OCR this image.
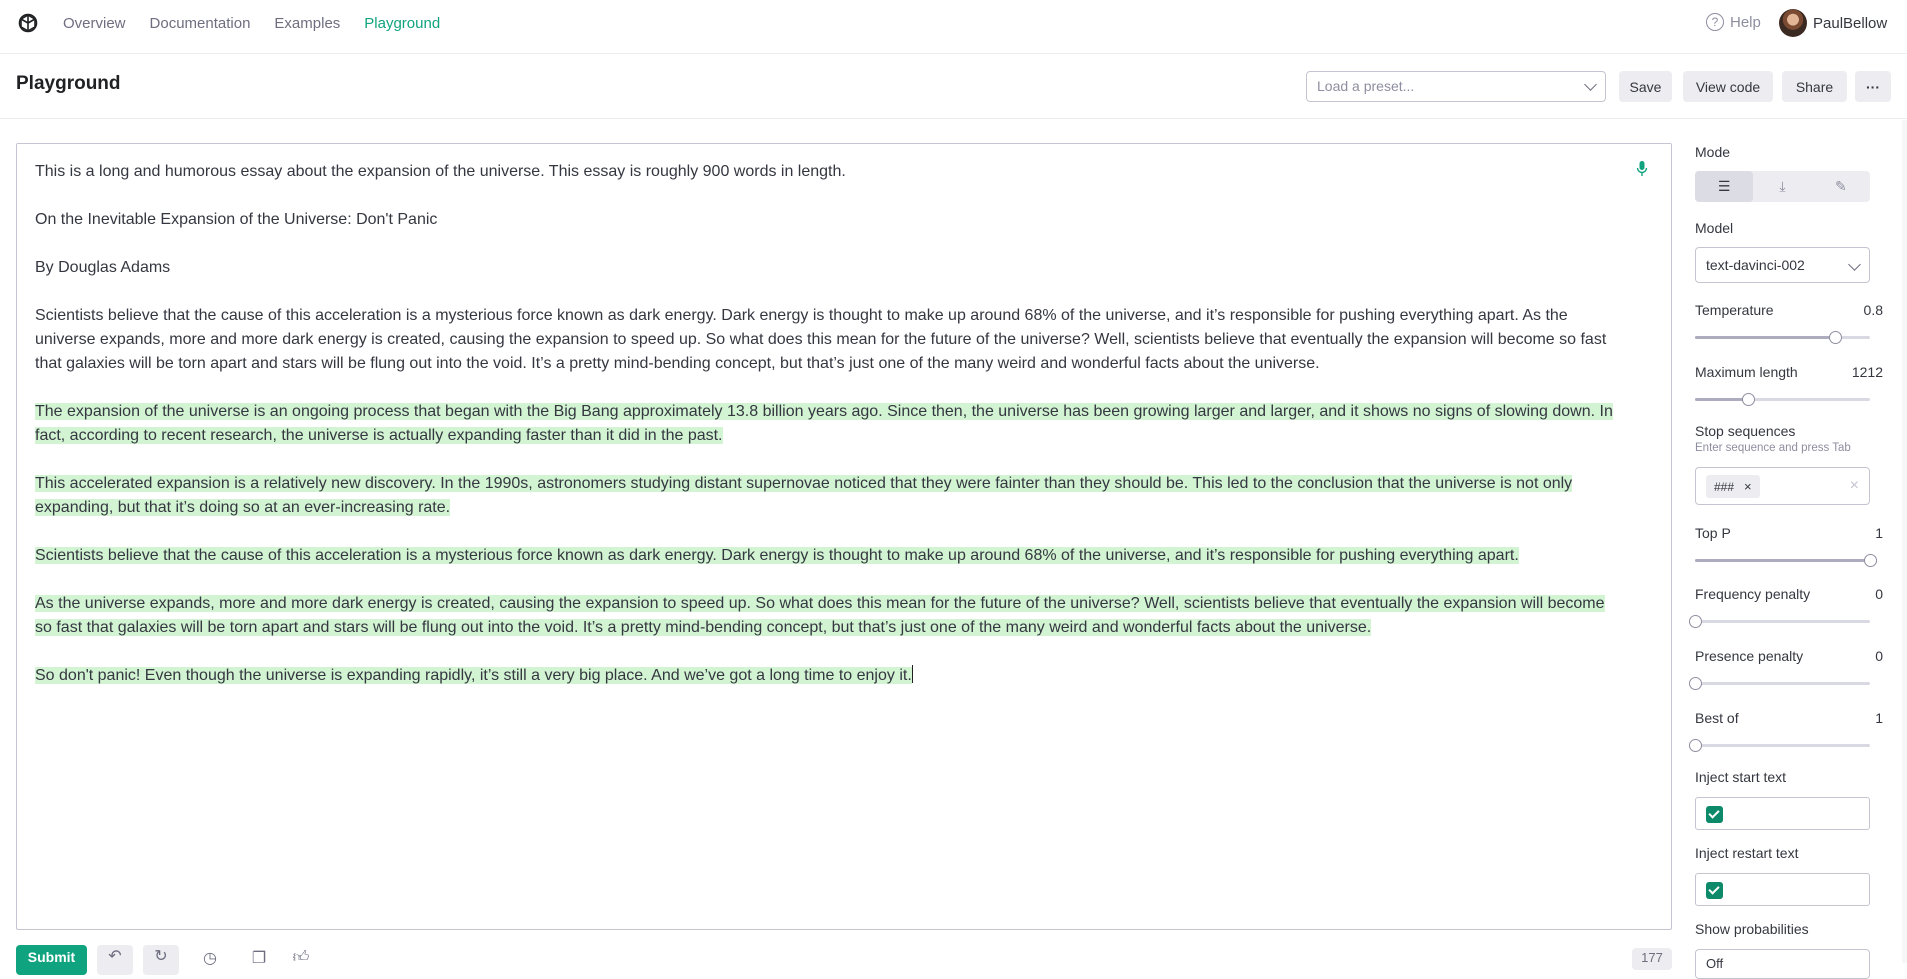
Overview Documentation Examples Playground	? Help	PaulBellow
Playground	Load a preset...	Save	View code	Share	···
This is a long and humorous essay about the expansion of the universe. This essay is roughly 900 words in length.
On the Inevitable Expansion of the Universe: Don't Panic
By Douglas Adams
Scientists believe that the cause of this acceleration is a mysterious force known as dark energy. Dark energy is thought to make up around 68% of the universe, and it’s responsible for pushing everything apart. As the universe expands, more and more dark energy is created, causing the expansion to speed up. So what does this mean for the future of the universe? Well, scientists believe that eventually the expansion will become so fast that galaxies will be torn apart and stars will be flung out into the void. It’s a pretty mind-bending concept, but that’s just one of the many weird and wonderful facts about the universe.
The expansion of the universe is an ongoing process that began with the Big Bang approximately 13.8 billion years ago. Since then, the universe has been growing larger and larger, and it shows no signs of slowing down. In fact, according to recent research, the universe is actually expanding faster than it did in the past.
This accelerated expansion is a relatively new discovery. In the 1990s, astronomers studying distant supernovae noticed that they were fainter than they should be. This led to the conclusion that the universe is not only expanding, but that it’s doing so at an ever-increasing rate.
Scientists believe that the cause of this acceleration is a mysterious force known as dark energy. Dark energy is thought to make up around 68% of the universe, and it’s responsible for pushing everything apart.
As the universe expands, more and more dark energy is created, causing the expansion to speed up. So what does this mean for the future of the universe? Well, scientists believe that eventually the expansion will become so fast that galaxies will be torn apart and stars will be flung out into the void. It’s a pretty mind-bending concept, but that’s just one of the many weird and wonderful facts about the universe.
So don't panic! Even though the universe is expanding rapidly, it’s still a very big place. And we’ve got a long time to enjoy it.
Submit	↶ ↻	◷	❐	👍︎	177
Mode
☰	⤓	✎
Model
text-davinci-002
Temperature	0.8
Maximum length	1212
Stop sequences
Enter sequence and press Tab
### ×	×
Top P	1
Frequency penalty	0
Presence penalty	0
Best of	1
Inject start text
Inject restart text
Show probabilities
Off
